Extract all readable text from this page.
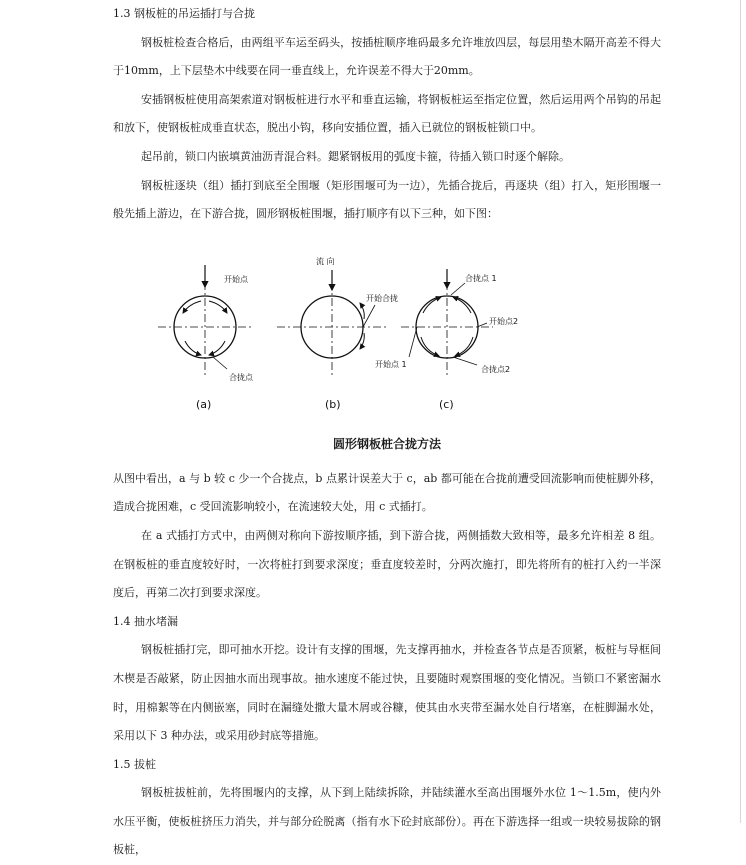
1.3 钢板桩的吊运插打与合拢

钢板桩检查合格后，由两组平车运至码头，按插桩顺序堆码最多允许堆放四层，每层用垫木隔开高差不得大于10mm，上下层垫木中线要在同一垂直线上，允许误差不得大于20mm。

安插钢板桩使用高架索道对钢板桩进行水平和垂直运输，将钢板桩运至指定位置，然后运用两个吊钩的吊起和放下，使钢板桩成垂直状态，脱出小钩，移向安插位置，插入已就位的钢板桩锁口中。

起吊前，锁口内嵌填黄油沥青混合料。鍶紧钢板用的弧度卡箍，待插入锁口时逐个解除。

钢板桩逐块（组）插打到底至全围堰（矩形围堰可为一边），先插合拢后，再逐块（组）打入，矩形围堰一般先插上游边，在下游合拢，圆形钢板桩围堰，插打顺序有以下三种，如下图：

开始点
合拢点
(a)
流 向
开始合拢
(b)
合拢点 1
开始点2
开始点 1
合拢点2
(c)

圆形钢板桩合拢方法

从图中看出，a 与 b 较 c 少一个合拢点，b 点累计误差大于 c，ab 都可能在合拢前遭受回流影响而使桩脚外移，造成合拢困难，c 受回流影响较小，在流速较大处，用 c 式插打。

在 a 式插打方式中，由两侧对称向下游按顺序插，到下游合拢，两侧插数大致相等，最多允许相差 8 组。在钢板桩的垂直度较好时，一次将桩打到要求深度；垂直度较差时，分两次施打，即先将所有的桩打入约一半深度后，再第二次打到要求深度。

1.4 抽水堵漏

钢板桩插打完，即可抽水开挖。设计有支撑的围堰，先支撑再抽水，并检查各节点是否顶紧，板桩与导框间木楔是否敲紧，防止因抽水而出现事故。抽水速度不能过快，且要随时观察围堰的变化情况。当锁口不紧密漏水时，用棉絮等在内侧嵌塞，同时在漏缝处撒大量木屑或谷糠，使其由水夹带至漏水处自行堵塞，在桩脚漏水处，采用以下 3 种办法，或采用砂封底等措施。

1.5 拔桩

钢板桩拔桩前，先将围堰内的支撑，从下到上陆续拆除，并陆续灌水至高出围堰外水位 1～1.5m，使内外水压平衡，使板桩挤压力消失，并与部分砼脱离（指有水下砼封底部份）。再在下游选择一组或一块较易拔除的钢板桩，
